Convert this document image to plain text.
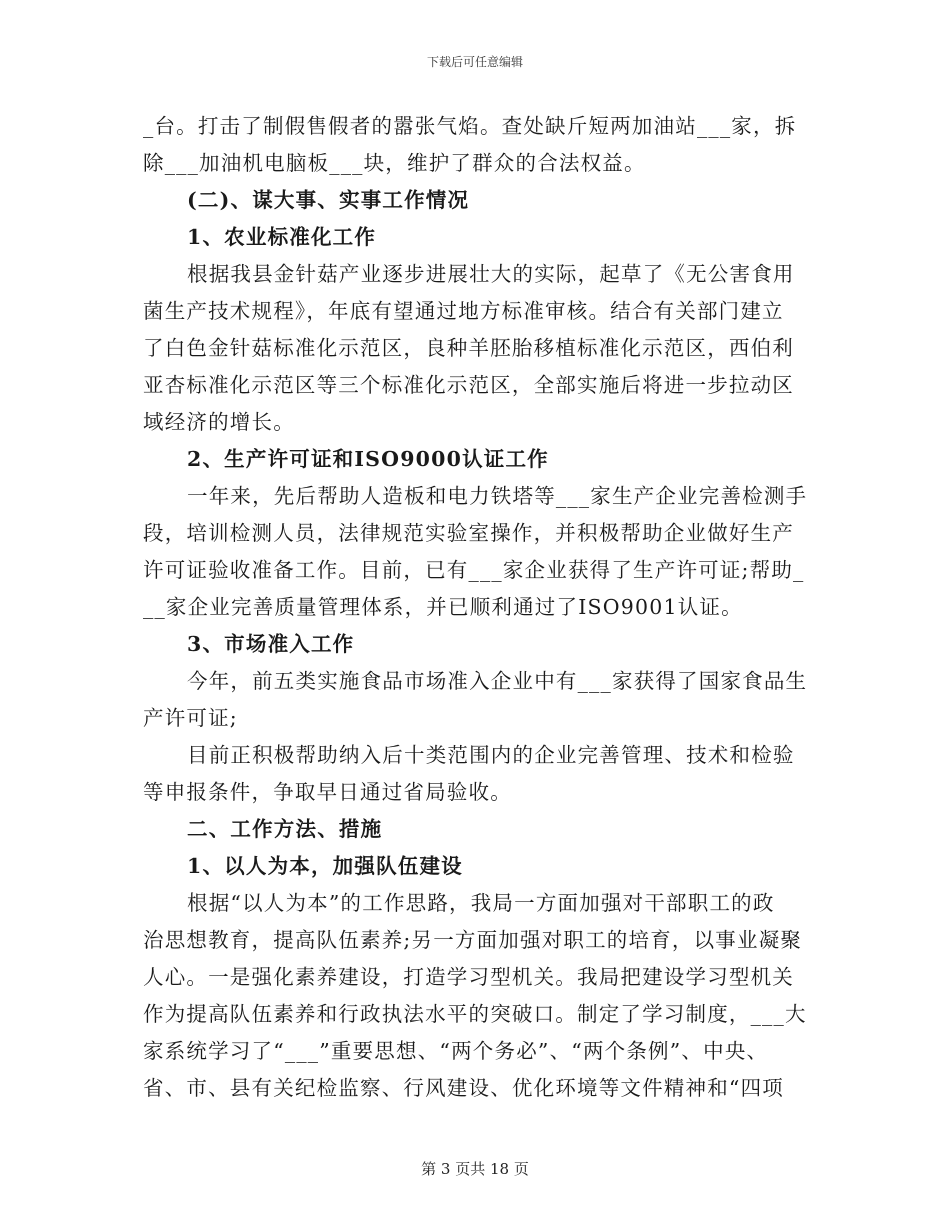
下载后可任意编辑
_台。打击了制假售假者的嚣张气焰。查处缺斤短两加油站___家，拆
除___加油机电脑板___块，维护了群众的合法权益。
(二)、谋大事、实事工作情况
1、农业标准化工作
根据我县金针菇产业逐步进展壮大的实际，起草了《无公害食用
菌生产技术规程》，年底有望通过地方标准审核。结合有关部门建立
了白色金针菇标准化示范区，良种羊胚胎移植标准化示范区，西伯利
亚杏标准化示范区等三个标准化示范区，全部实施后将进一步拉动区
域经济的增长。
2、生产许可证和ISO9000认证工作
一年来，先后帮助人造板和电力铁塔等___家生产企业完善检测手
段，培训检测人员，法律规范实验室操作，并积极帮助企业做好生产
许可证验收准备工作。目前，已有___家企业获得了生产许可证;帮助_
__家企业完善质量管理体系，并已顺利通过了ISO9001认证。
3、市场准入工作
今年，前五类实施食品市场准入企业中有___家获得了国家食品生
产许可证;
目前正积极帮助纳入后十类范围内的企业完善管理、技术和检验
等申报条件，争取早日通过省局验收。
二、工作方法、措施
1、以人为本，加强队伍建设
根据“以人为本”的工作思路，我局一方面加强对干部职工的政
治思想教育，提高队伍素养;另一方面加强对职工的培育，以事业凝聚
人心。一是强化素养建设，打造学习型机关。我局把建设学习型机关
作为提高队伍素养和行政执法水平的突破口。制定了学习制度，___大
家系统学习了“___”重要思想、“两个务必”、“两个条例”、中央、
省、市、县有关纪检监察、行风建设、优化环境等文件精神和“四项
第 3 页共 18 页
